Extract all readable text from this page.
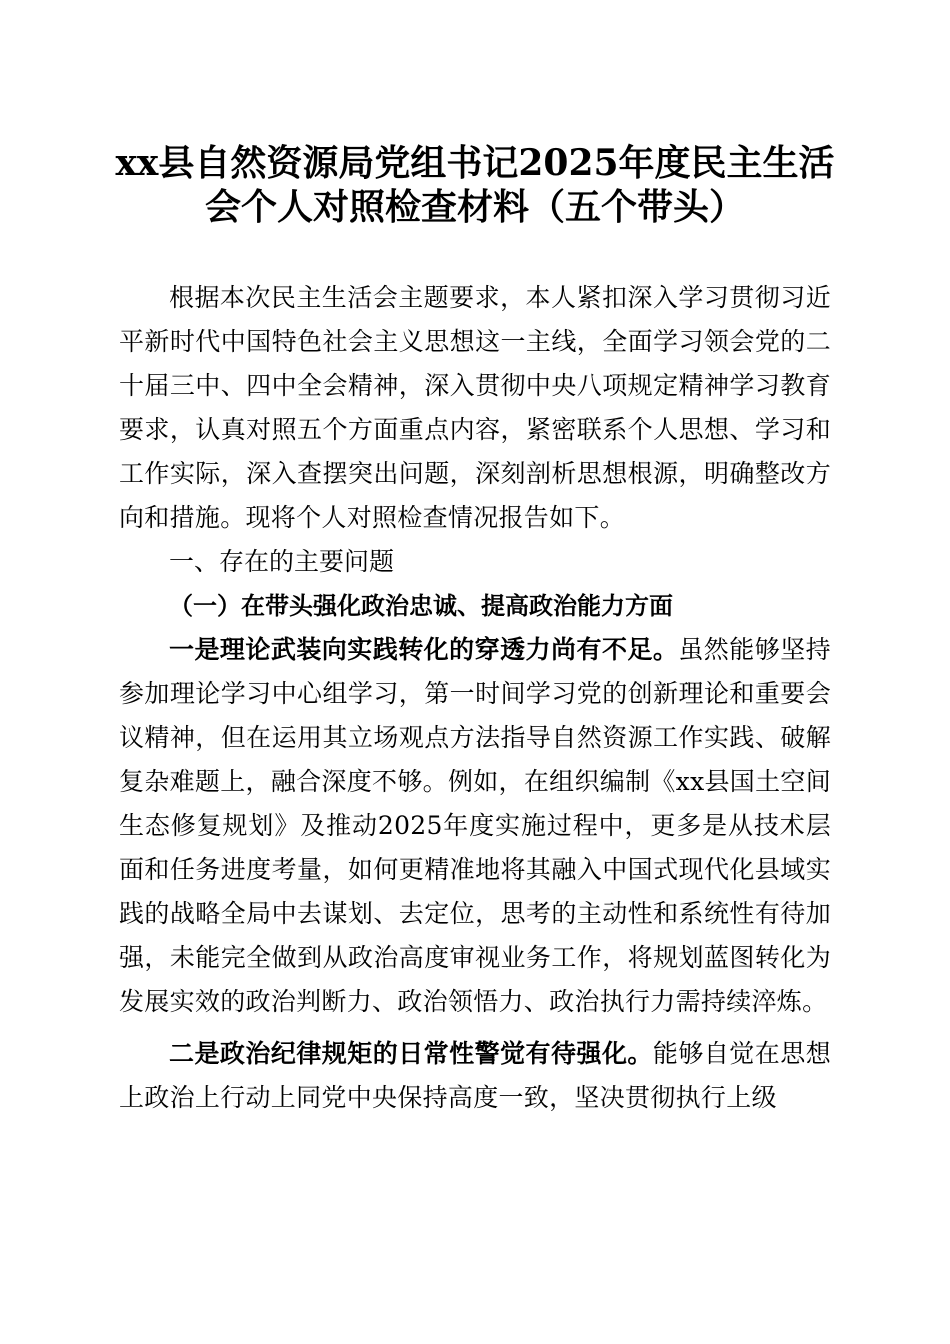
xx县自然资源局党组书记2025年度民主生活
会个人对照检查材料（五个带头）

根据本次民主生活会主题要求，本人紧扣深入学习贯彻习近平新时代中国特色社会主义思想这一主线，全面学习领会党的二十届三中、四中全会精神，深入贯彻中央八项规定精神学习教育要求，认真对照五个方面重点内容，紧密联系个人思想、学习和工作实际，深入查摆突出问题，深刻剖析思想根源，明确整改方向和措施。现将个人对照检查情况报告如下。

一、存在的主要问题

（一）在带头强化政治忠诚、提高政治能力方面

一是理论武装向实践转化的穿透力尚有不足。虽然能够坚持参加理论学习中心组学习，第一时间学习党的创新理论和重要会议精神，但在运用其立场观点方法指导自然资源工作实践、破解复杂难题上，融合深度不够。例如，在组织编制《xx县国土空间生态修复规划》及推动2025年度实施过程中，更多是从技术层面和任务进度考量，如何更精准地将其融入中国式现代化县域实践的战略全局中去谋划、去定位，思考的主动性和系统性有待加强，未能完全做到从政治高度审视业务工作，将规划蓝图转化为发展实效的政治判断力、政治领悟力、政治执行力需持续淬炼。

二是政治纪律规矩的日常性警觉有待强化。能够自觉在思想上政治上行动上同党中央保持高度一致，坚决贯彻执行上级
